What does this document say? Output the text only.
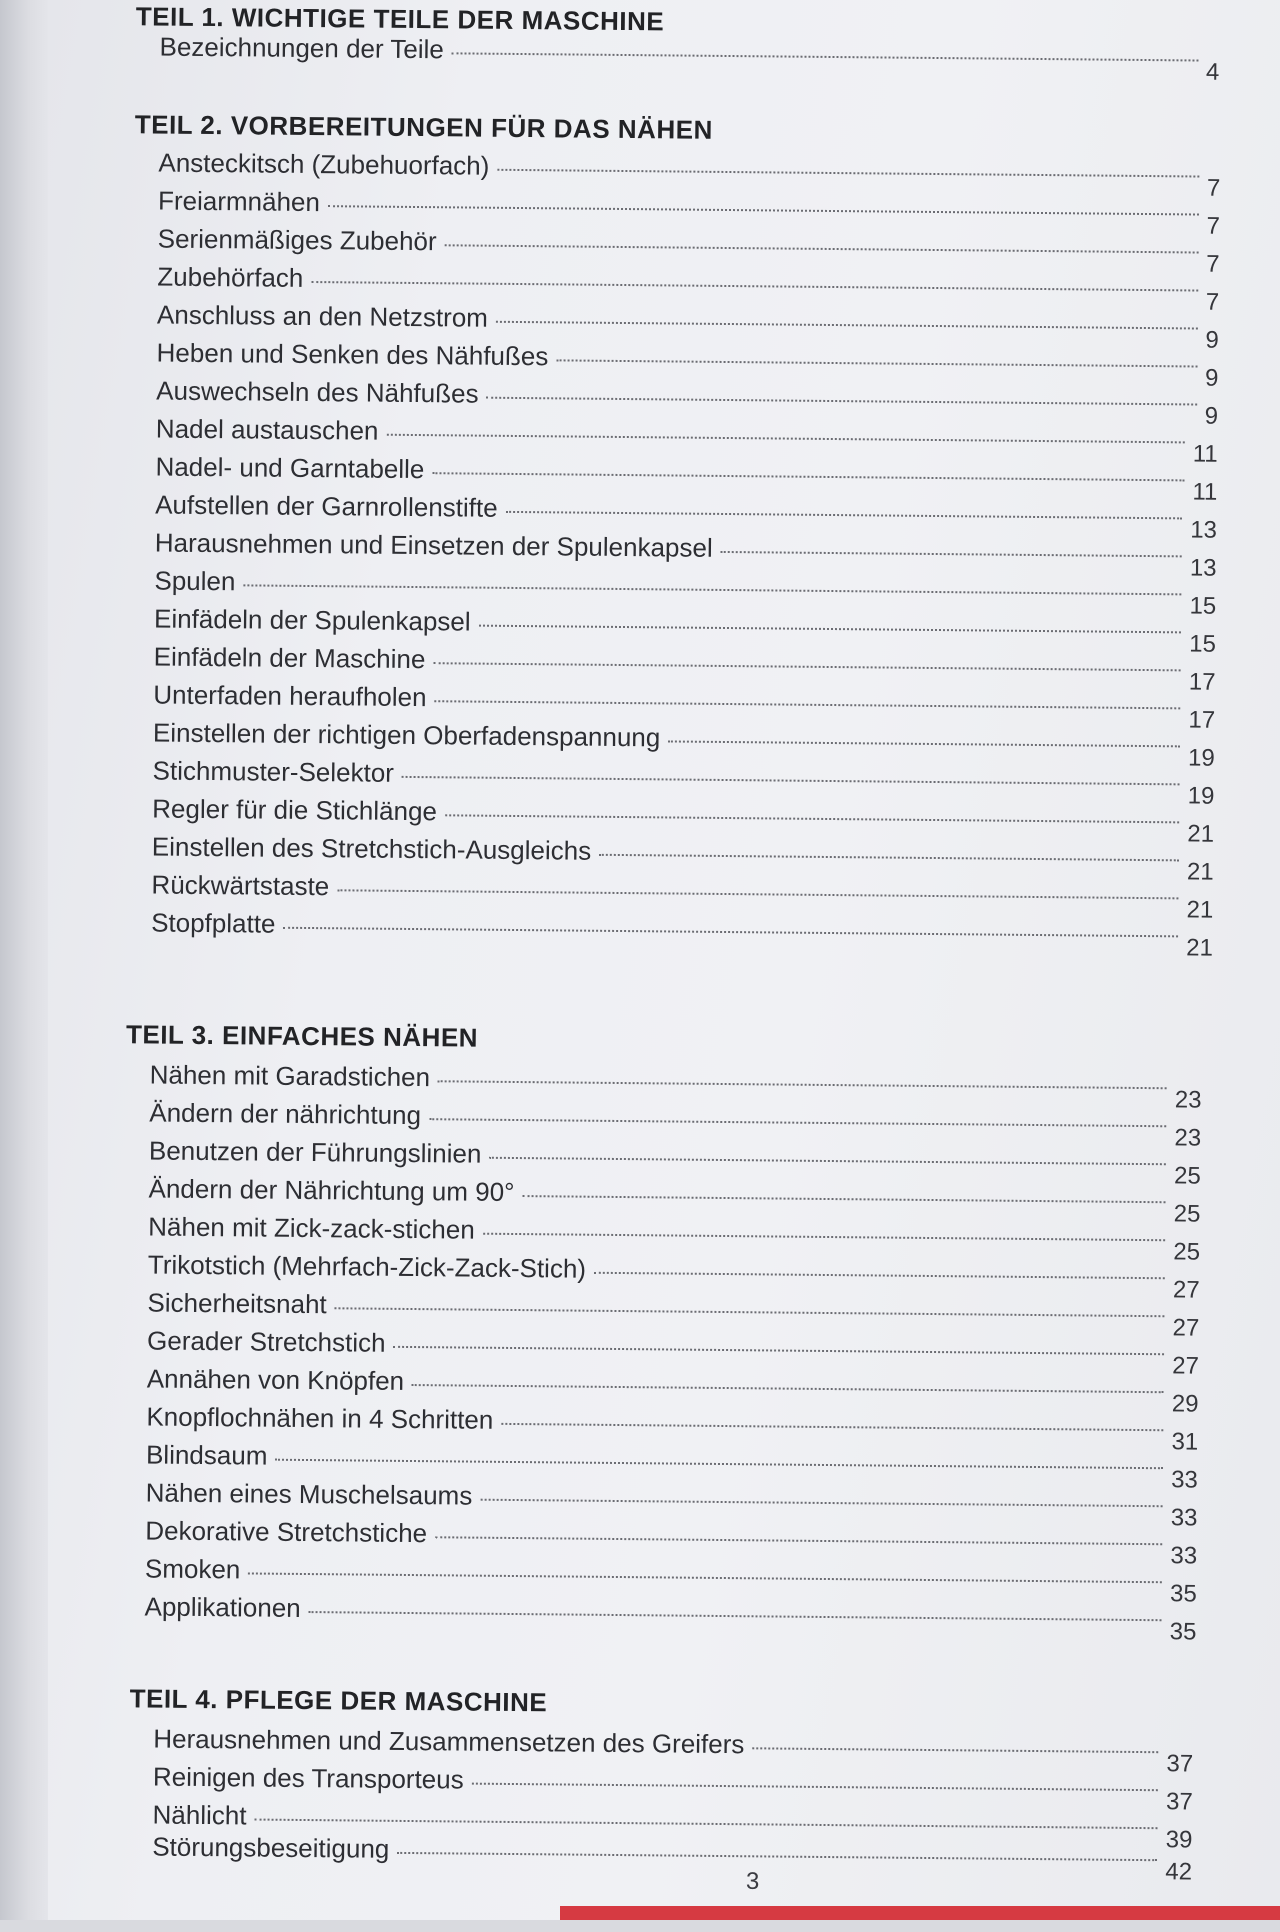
TEIL 1. WICHTIGE TEILE DER MASCHINE
Bezeichnungen der Teile
4
TEIL 2. VORBEREITUNGEN FÜR DAS NÄHEN
Ansteckitsch (Zubehuorfach)
7
Freiarmnähen
7
Serienmäßiges Zubehör
7
Zubehörfach
7
Anschluss an den Netzstrom
9
Heben und Senken des Nähfußes
9
Auswechseln des Nähfußes
9
Nadel austauschen
11
Nadel- und Garntabelle
11
Aufstellen der Garnrollenstifte
13
Harausnehmen und Einsetzen der Spulenkapsel
13
Spulen
15
Einfädeln der Spulenkapsel
15
Einfädeln der Maschine
17
Unterfaden heraufholen
17
Einstellen der richtigen Oberfadenspannung
19
Stichmuster-Selektor
19
Regler für die Stichlänge
21
Einstellen des Stretchstich-Ausgleichs
21
Rückwärtstaste
21
Stopfplatte
21
TEIL 3. EINFACHES NÄHEN
Nähen mit Garadstichen
23
Ändern der nährichtung
23
Benutzen der Führungslinien
25
Ändern der Nährichtung um 90°
25
Nähen mit Zick-zack-stichen
25
Trikotstich (Mehrfach-Zick-Zack-Stich)
27
Sicherheitsnaht
27
Gerader Stretchstich
27
Annähen von Knöpfen
29
Knopflochnähen in 4 Schritten
31
Blindsaum
33
Nähen eines Muschelsaums
33
Dekorative Stretchstiche
33
Smoken
35
Applikationen
35
TEIL 4. PFLEGE DER MASCHINE
Herausnehmen und Zusammensetzen des Greifers
37
Reinigen des Transporteus
37
Nählicht
39
Störungsbeseitigung
42
3
